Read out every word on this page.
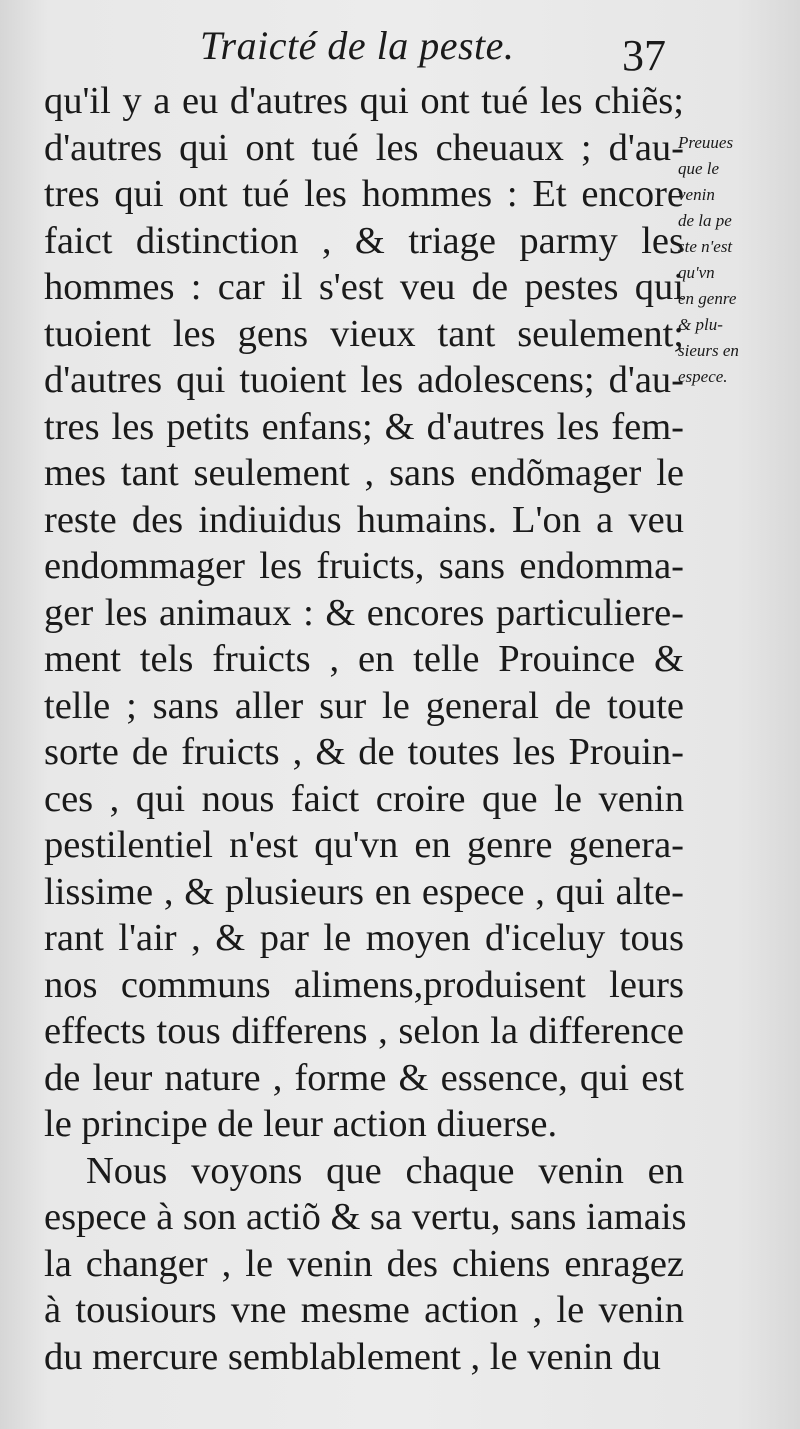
Traicté de la peste. 37
qu'il y a eu d'autres qui ont tué les chiẽs;
d'autres qui ont tué les cheuaux ; d'au-
tres qui ont tué les hommes : Et encore
faict distinction , & triage parmy les
hommes : car il s'est veu de pestes qui
tuoient les gens vieux tant seulement;
d'autres qui tuoient les adolescens; d'au-
tres les petits enfans; & d'autres les fem-
mes tant seulement , sans endõmager le
reste des indiuidus humains. L'on a veu
endommager les fruicts, sans endomma-
ger les animaux : & encores particuliere-
ment tels fruicts , en telle Prouince &
telle ; sans aller sur le general de toute
sorte de fruicts , & de toutes les Prouin-
ces , qui nous faict croire que le venin
pestilentiel n'est qu'vn en genre genera-
lissime , & plusieurs en espece , qui alte-
rant l'air , & par le moyen d'iceluy tous
nos communs alimens,produisent leurs
effects tous differens , selon la difference
de leur nature , forme & essence, qui est
le principe de leur action diuerse.
Nous voyons que chaque venin en
espece à son actiõ & sa vertu, sans iamais
la changer , le venin des chiens enragez
à tousiours vne mesme action , le venin
du mercure semblablement , le venin du
Preuues
que le
venin
de la pe
ste n'est
qu'vn
en genre
& plu-
sieurs en
espece.
